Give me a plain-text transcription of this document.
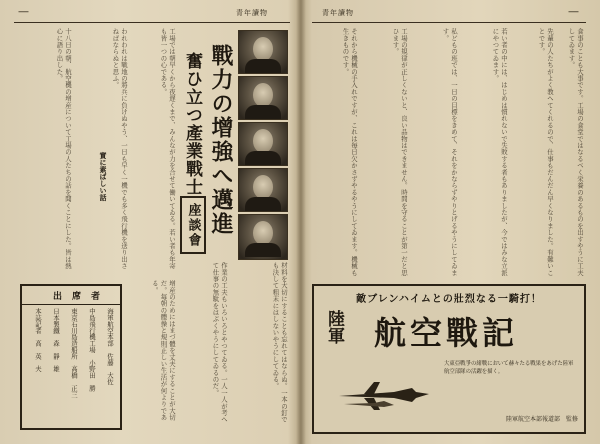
—	青年讀物	青年讀物	—
十八日の朝、航空機の增産について工場の人たちの話を聞くことにした。皆は熱心に語り出した。	われわれは戰地の將兵に負けぬやう、一日も早く一機でも多く飛行機を送り出さねばならぬと思ふ。	工場では朝早くから夜遅くまで、みんなが力を合せて働いてゐる。若い者も年寄も皆一つの心である。
增産のためにはまづ體を丈夫にすることが大切だ。毎朝の體操と規則正しい生活が何よりである。	作業の工夫もいろいろとやつてゐる。一人一人が考へて仕事の無駄をはぶくやうにしてゐるのだ。	材料を大切にすることも忘れてはならぬ。一本の釘でも決して粗末にはしないやうにしてゐる。
實に素ばしい話	戰力の增強へ邁進
奮ひ立つ產業戰士
座談會
出席者
海軍航空本部　佐藤　大佐
中島飛行機工場　小野田　勝
東京石川島造船所　高橋　正三
日本製鐵　森　靜　雄
本誌記者　高　英　夫
それから機械の手入れですが、これは毎日欠かさずやるやうにしてゐます。機械も生きものです。	工場の規律が正しくないと、良い品物はできません。時間を守ることが第一だと思ひます。	私どもの班では、一日の目標をきめて、それをかならずやりとげるやうにしてゐます。	若い者の中には、はじめは慣れないで失敗する者もありましたが、今ではみな立派にやつてゐます。	先輩の人たちがよく教へてくれるので、仕事もだんだん早くなりました。有難いことです。	食事のことも大事です。工場の食堂ではなるべく栄養のあるものを出すやうに工夫してゐます。
敵ブレンハイムとの壯烈なる一騎打！
陸軍 航空戰記
大東亞戰爭の緒戰において赫々たる戰果をあげた陸軍航空部隊の活躍を描く。
陸軍航空本部報道部　監修
